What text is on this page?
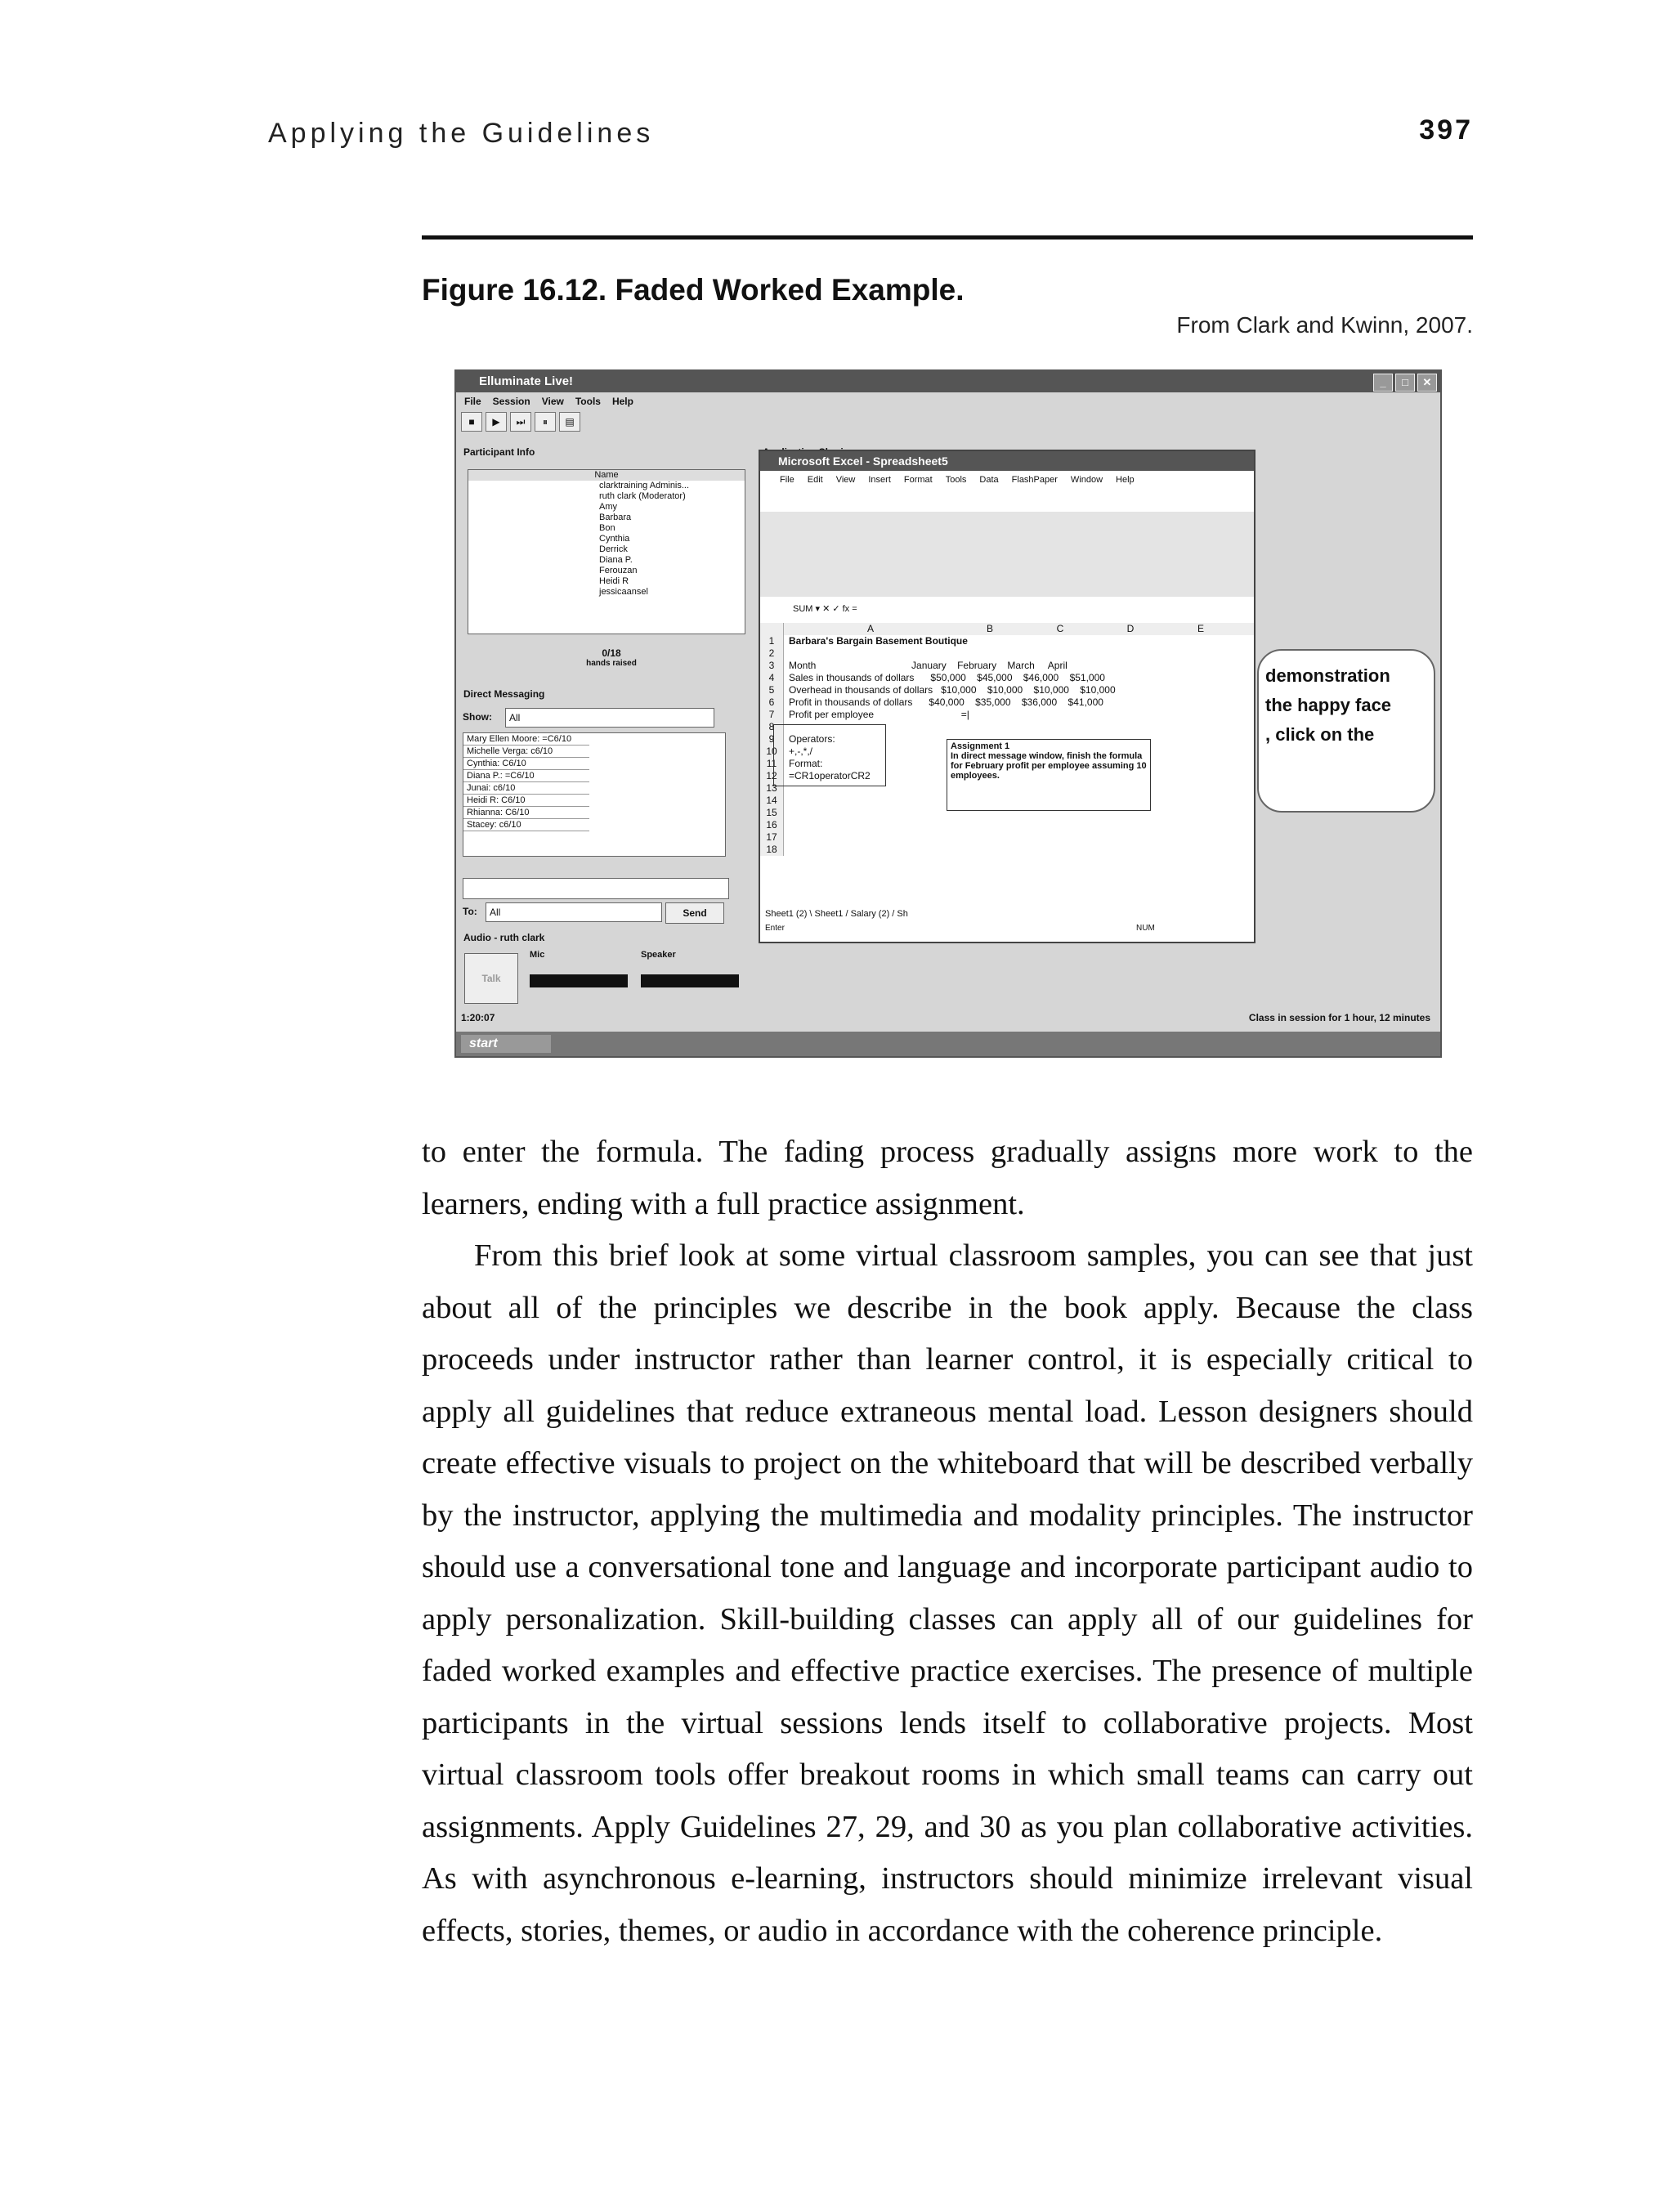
Applying the Guidelines	397
Figure 16.12. Faded Worked Example.
From Clark and Kwinn, 2007.
Elluminate Live!	_	□	✕
File Session View Tools Help
■	▶	⏭	⏸	▤
Participant Info
Name
clarktraining Adminis...
ruth clark (Moderator)
Amy
Barbara
Bon
Cynthia
Derrick
Diana P.
Ferouzan
Heidi R
jessicaansel
0/18
hands raised
Direct Messaging
Show:	All
Mary Ellen Moore: =C6/10
Michelle Verga: c6/10
Cynthia: C6/10
Diana P.: =C6/10
Junai: c6/10
Heidi R: C6/10
Rhianna: C6/10
Stacey: c6/10
To:	All	Send
Audio - ruth clark
Talk
Mic	Speaker
Microsoft Excel - Spreadsheet5
File Edit View Insert Format Tools Data FlashPaper Window Help
SUM ▾ ✕ ✓ fx =
A	B	C	D	E
1	Barbara's Bargain Basement Boutique
2
3	Month                                   January    February    March     April
4	Sales in thousands of dollars      $50,000    $45,000    $46,000    $51,000
5	Overhead in thousands of dollars   $10,000    $10,000    $10,000    $10,000
6	Profit in thousands of dollars      $40,000    $35,000    $36,000    $41,000
7	Profit per employee                                =|
8
9	Operators:
10	+,-,*,/
11	Format:
12	=CR1operatorCR2
13
14
15
16
17
18
Assignment 1
In direct message window, finish the formula for February profit per employee assuming 10 employees.
Sheet1 (2) \ Sheet1 / Salary (2) / Sh
Enter	NUM
demonstration
the happy face
, click on the
1:20:07	Class in session for 1 hour, 12 minutes
start

to enter the formula. The fading process gradually assigns more work to the learners, ending with a full practice assignment.

From this brief look at some virtual classroom samples, you can see that just about all of the principles we describe in the book apply. Because the class proceeds under instructor rather than learner control, it is especially critical to apply all guidelines that reduce extraneous mental load. Lesson designers should create effective visuals to project on the whiteboard that will be described verbally by the instructor, applying the multimedia and modality principles. The instructor should use a conversational tone and language and incorporate participant audio to apply personalization. Skill-building classes can apply all of our guidelines for faded worked examples and effective practice exercises. The presence of multiple participants in the virtual sessions lends itself to collaborative projects. Most virtual classroom tools offer breakout rooms in which small teams can carry out assignments. Apply Guidelines 27, 29, and 30 as you plan collaborative activities. As with asynchronous e-learning, instructors should minimize irrelevant visual effects, stories, themes, or audio in accordance with the coherence principle.
